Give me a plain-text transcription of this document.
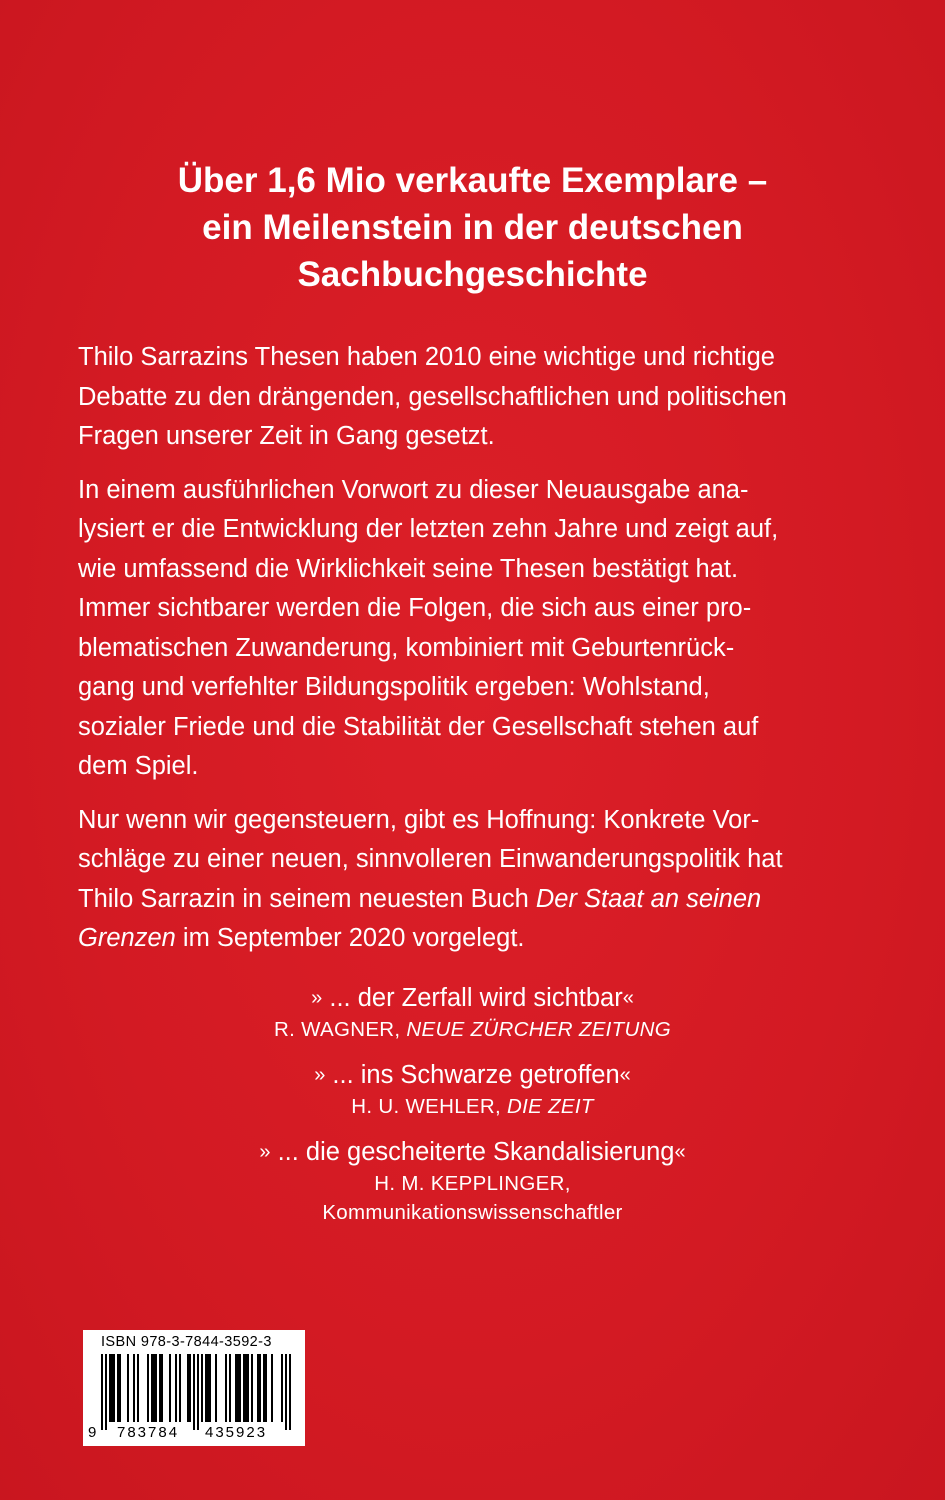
Über 1,6 Mio verkaufte Exemplare –
ein Meilenstein in der deutschen
Sachbuchgeschichte

Thilo Sarrazins Thesen haben 2010 eine wichtige und richtige
Debatte zu den drängenden, gesellschaftlichen und politischen
Fragen unserer Zeit in Gang gesetzt.

In einem ausführlichen Vorwort zu dieser Neuausgabe ana-
lysiert er die Entwicklung der letzten zehn Jahre und zeigt auf,
wie umfassend die Wirklichkeit seine Thesen bestätigt hat.
Immer sichtbarer werden die Folgen, die sich aus einer pro-
blematischen Zuwanderung, kombiniert mit Geburtenrück-
gang und verfehlter Bildungspolitik ergeben: Wohlstand,
sozialer Friede und die Stabilität der Gesellschaft stehen auf
dem Spiel.

Nur wenn wir gegensteuern, gibt es Hoffnung: Konkrete Vor-
schläge zu einer neuen, sinnvolleren Einwanderungspolitik hat
Thilo Sarrazin in seinem neuesten Buch Der Staat an seinen
Grenzen im September 2020 vorgelegt.

» ... der Zerfall wird sichtbar«
R. WAGNER, NEUE ZÜRCHER ZEITUNG
» ... ins Schwarze getroffen«
H. U. WEHLER, DIE ZEIT
» ... die gescheiterte Skandalisierung«
H. M. KEPPLINGER,
Kommunikationswissenschaftler
ISBN 978-3-7844-3592-3
9 783784 435923
